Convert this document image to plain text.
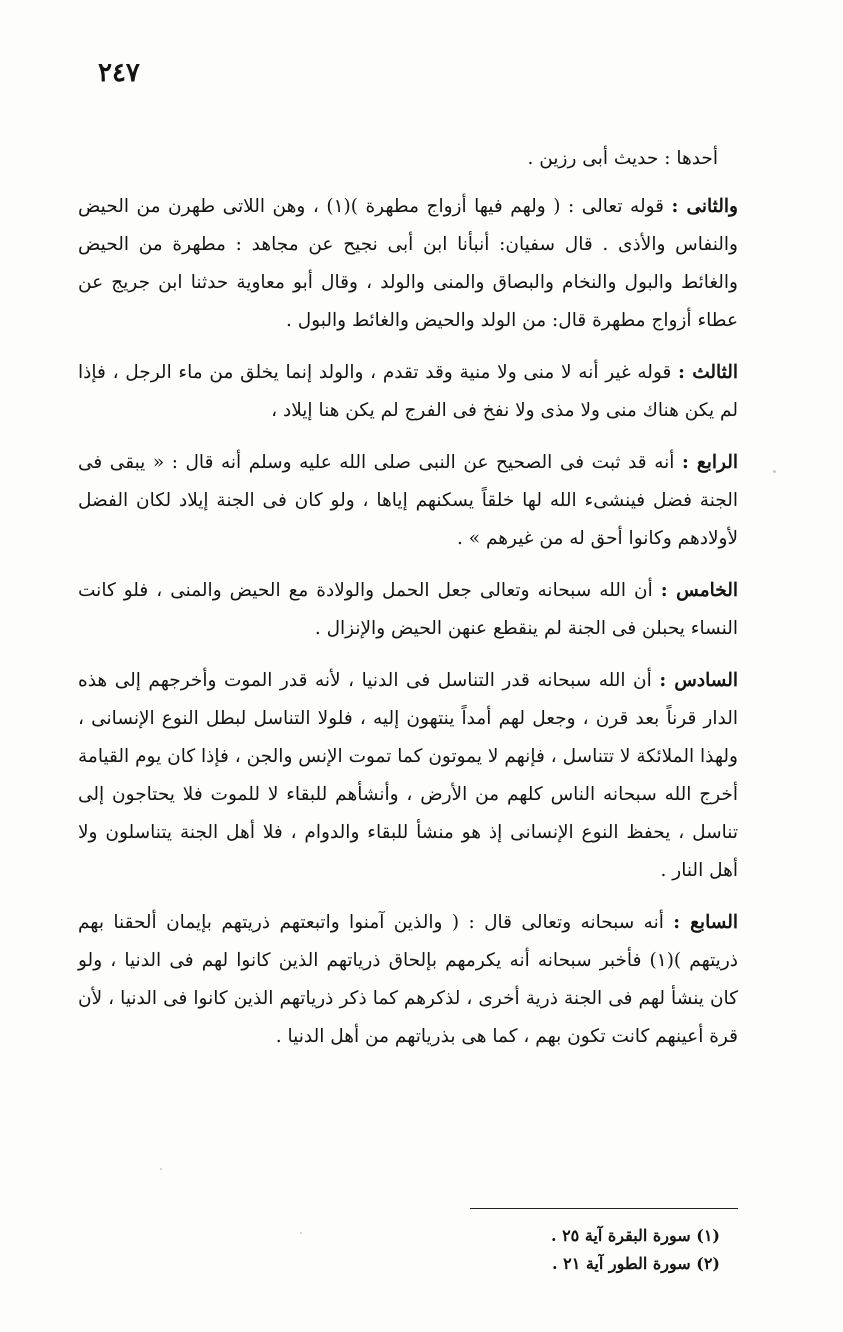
٢٤٧

أحدها : حديث أبى رزين .

والثانى : قوله تعالى : ( ولهم فيها أزواج مطهرة )(١) ، وهن اللاتى طهرن من الحيض والنفاس والأذى . قال سفيان: أنبأنا ابن أبى نجيح عن مجاهد : مطهرة من الحيض والغائط والبول والنخام والبصاق والمنى والولد ، وقال أبو معاوية حدثنا ابن جريج عن عطاء أزواج مطهرة قال: من الولد والحيض والغائط والبول .

الثالث : قوله غير أنه لا منى ولا منية وقد تقدم ، والولد إنما يخلق من ماء الرجل ، فإذا لم يكن هناك منى ولا مذى ولا نفخ فى الفرج لم يكن هنا إيلاد ،

الرابع : أنه قد ثبت فى الصحيح عن النبى صلى الله عليه وسلم أنه قال : « يبقى فى الجنة فضل فينشىء الله لها خلقاً يسكنهم إياها ، ولو كان فى الجنة إيلاد لكان الفضل لأولادهم وكانوا أحق له من غيرهم » .

الخامس : أن الله سبحانه وتعالى جعل الحمل والولادة مع الحيض والمنى ، فلو كانت النساء يحبلن فى الجنة لم ينقطع عنهن الحيض والإنزال .

السادس : أن الله سبحانه قدر التناسل فى الدنيا ، لأنه قدر الموت وأخرجهم إلى هذه الدار قرناً بعد قرن ، وجعل لهم أمداً ينتهون إليه ، فلولا التناسل لبطل النوع الإنسانى ، ولهذا الملائكة لا تتناسل ، فإنهم لا يموتون كما تموت الإنس والجن ، فإذا كان يوم القيامة أخرج الله سبحانه الناس كلهم من الأرض ، وأنشأهم للبقاء لا للموت فلا يحتاجون إلى تناسل ، يحفظ النوع الإنسانى إذ هو منشأ للبقاء والدوام ، فلا أهل الجنة يتناسلون ولا أهل النار .

السابع : أنه سبحانه وتعالى قال : ( والذين آمنوا واتبعتهم ذريتهم بإيمان ألحقنا بهم ذريتهم )(١) فأخبر سبحانه أنه يكرمهم بإلحاق ذرياتهم الذين كانوا لهم فى الدنيا ، ولو كان ينشأ لهم فى الجنة ذرية أخرى ، لذكرهم كما ذكر ذرياتهم الذين كانوا فى الدنيا ، لأن قرة أعينهم كانت تكون بهم ، كما هى بذرياتهم من أهل الدنيا .

(١) سورة البقرة آية ٢٥ .
(٢) سورة الطور آية ٢١ .
